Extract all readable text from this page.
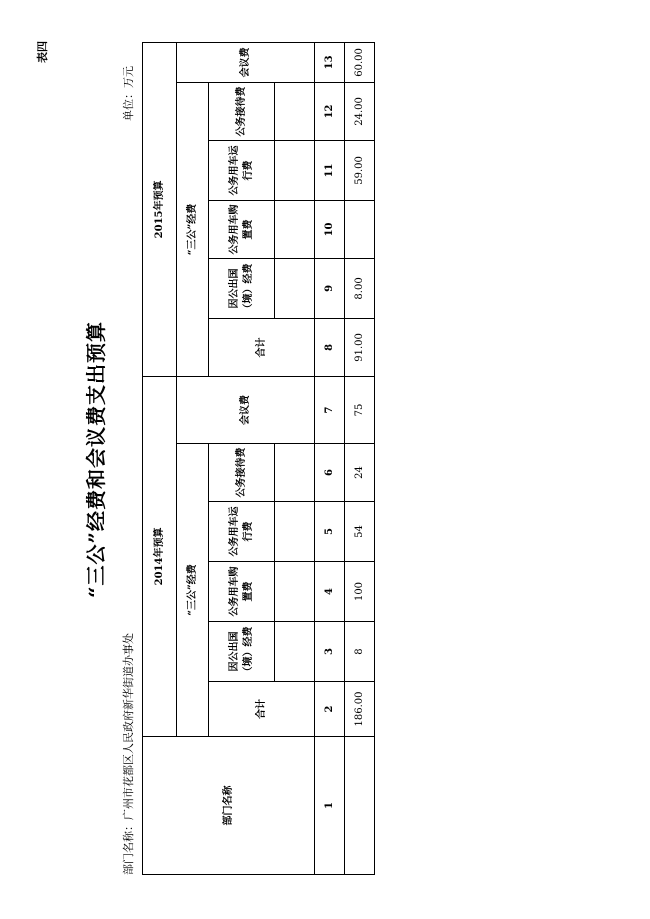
表四
“三公”经费和会议费支出预算
部门名称：广州市花都区人民政府新华街道办事处
单位：万元
部门名称	2014年预算						2015年预算					
	“三公”经费					会议费	“三公”经费					会议费
	合计	因公出国（境）经费	公务用车购置费	公务用车运行费	公务接待费		合计	因公出国（境）经费	公务用车购置费	公务用车运行费	公务接待费	

1	2	3	4	5	6	7	8	9	10	11	12	13
	186.00	8	100	54	24	75	91.00	8.00		59.00	24.00	60.00
